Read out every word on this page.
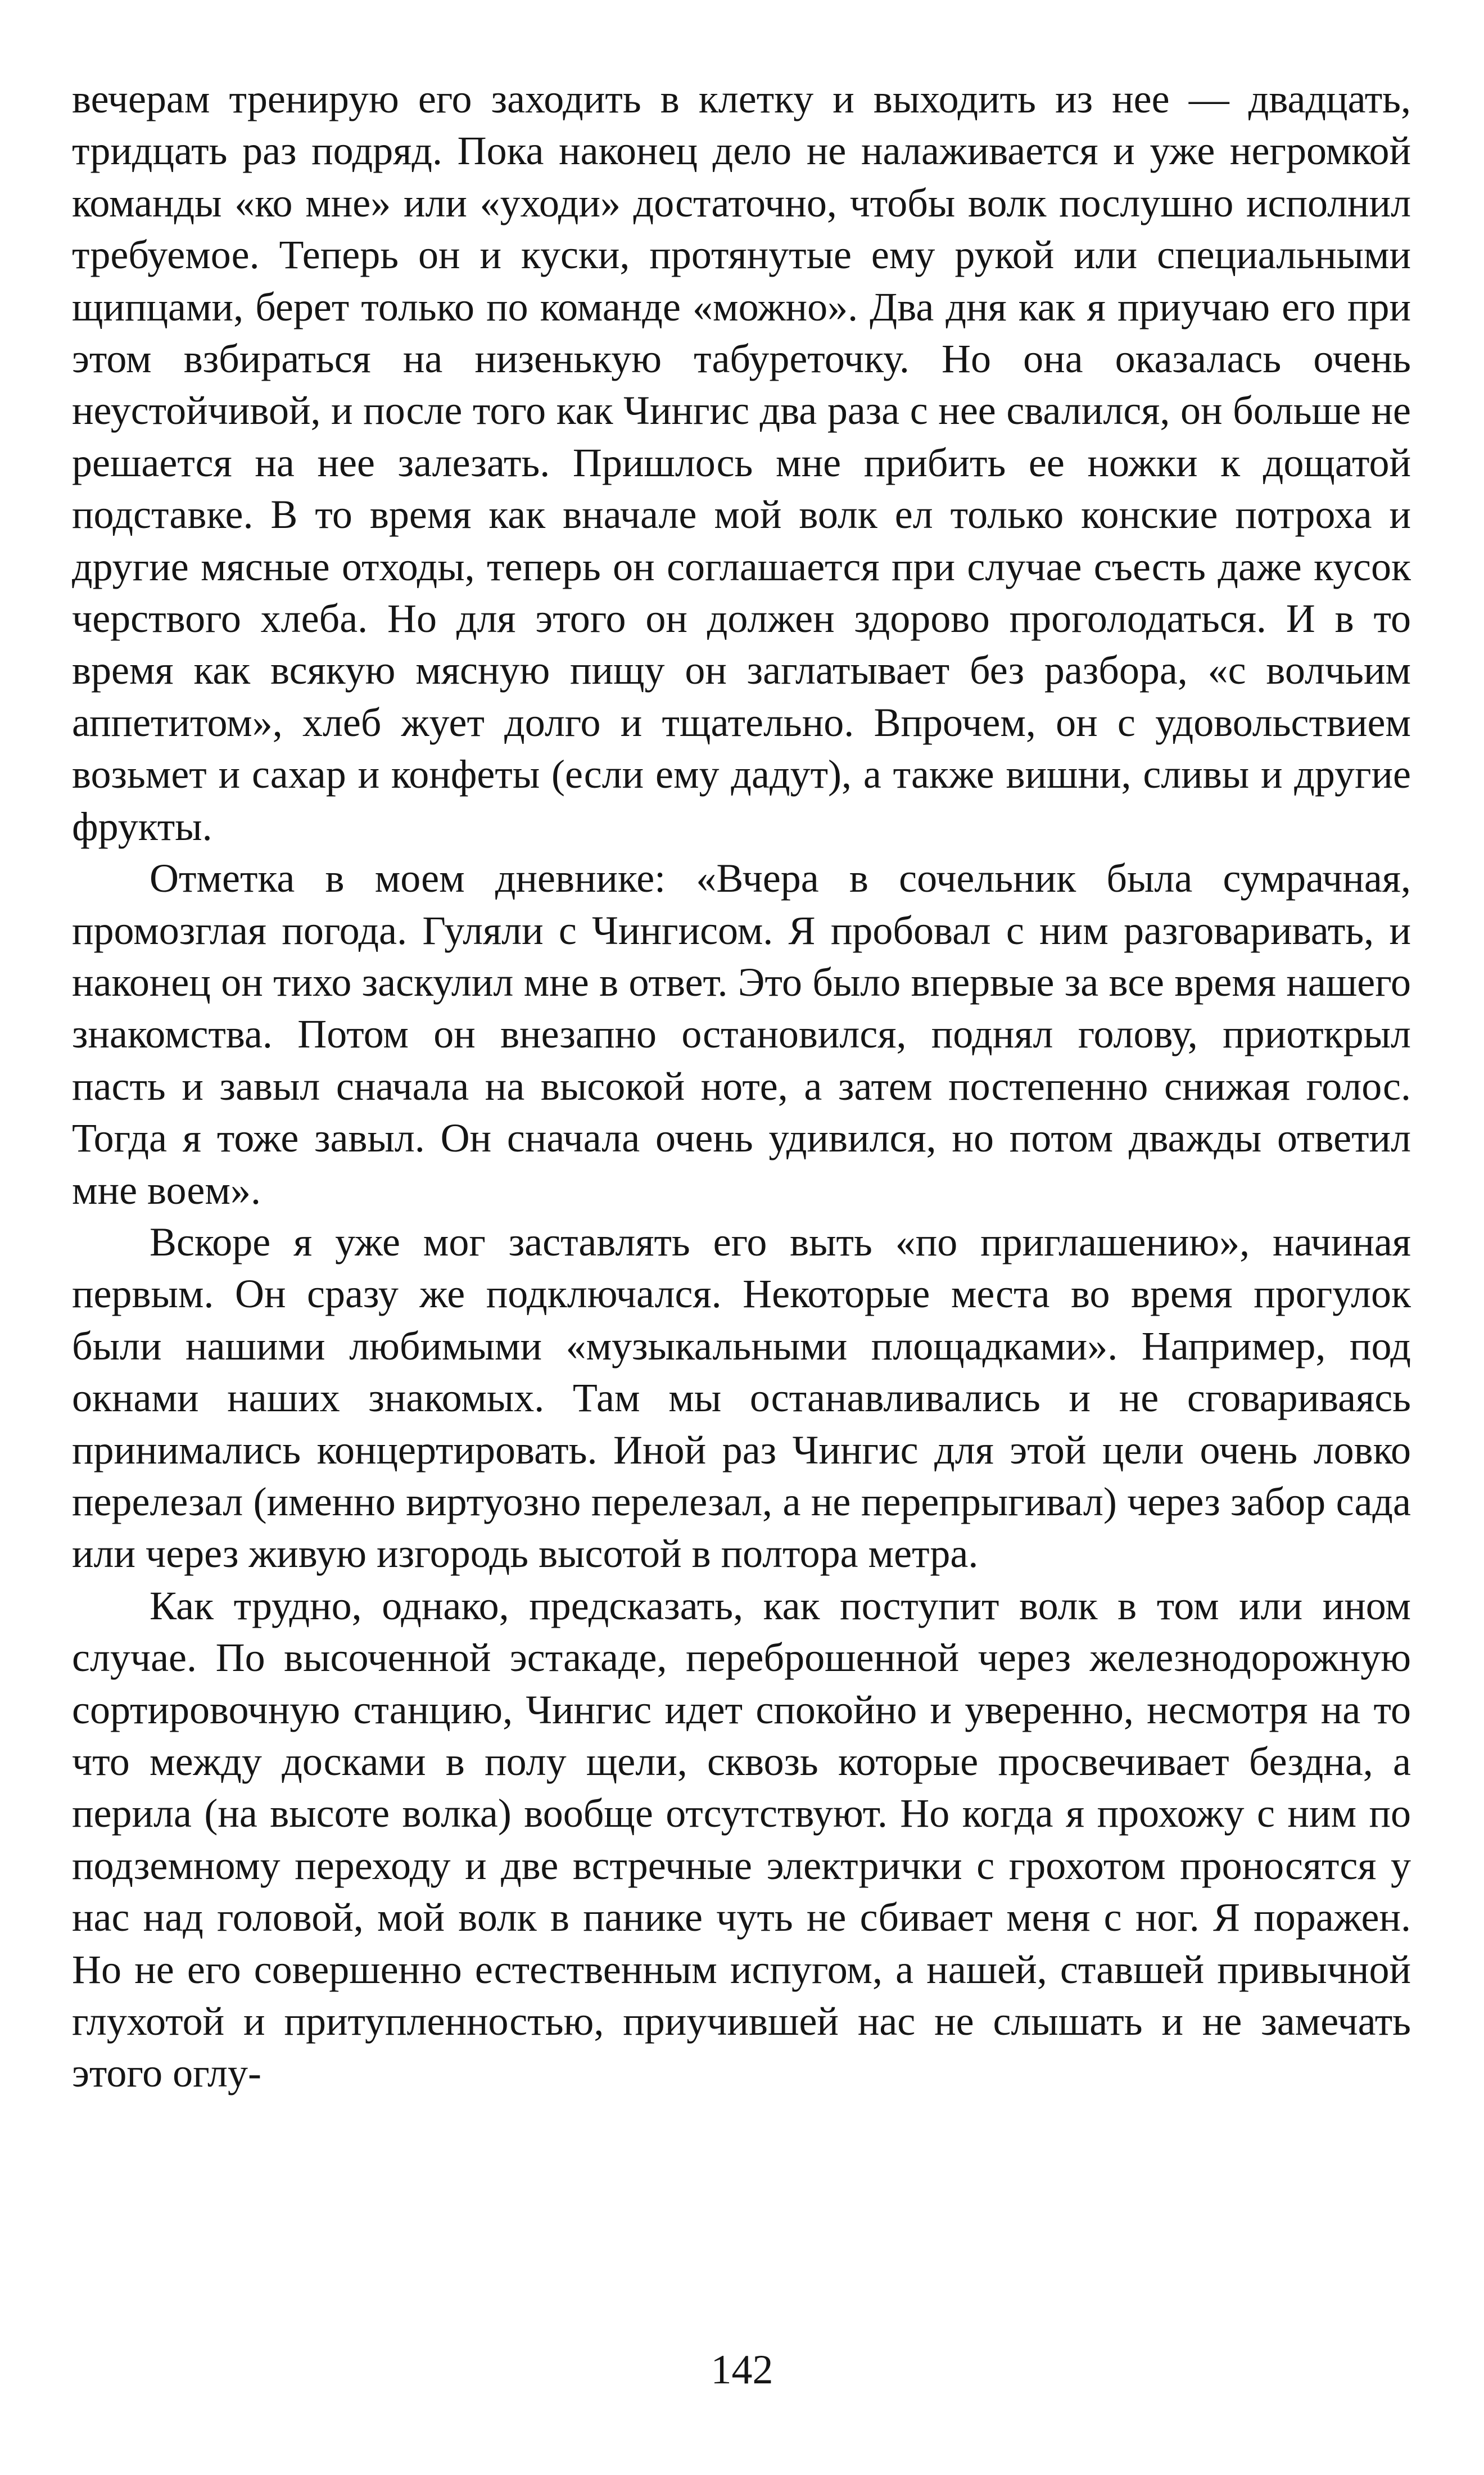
вечерам тренирую его заходить в клетку и выходить из нее — двадцать, тридцать раз подряд. Пока наконец дело не налаживается и уже негромкой команды «ко мне» или «уходи» достаточно, чтобы волк послушно исполнил требуемое. Теперь он и куски, протянутые ему рукой или специальными щипцами, берет только по команде «можно». Два дня как я приучаю его при этом взбираться на низенькую табуреточку. Но она оказалась очень неустойчивой, и после того как Чингис два раза с нее свалился, он больше не решается на нее залезать. Пришлось мне прибить ее ножки к дощатой подставке. В то время как вначале мой волк ел только конские потроха и другие мясные отходы, теперь он соглашается при случае съесть даже кусок черствого хлеба. Но для этого он должен здорово проголодаться. И в то время как всякую мясную пищу он заглатывает без разбора, «с волчьим аппетитом», хлеб жует долго и тщательно. Впрочем, он с удовольствием возьмет и сахар и конфеты (если ему дадут), а также вишни, сливы и другие фрукты.

Отметка в моем дневнике: «Вчера в сочельник была сумрачная, промозглая погода. Гуляли с Чингисом. Я пробовал с ним разговаривать, и наконец он тихо заскулил мне в ответ. Это было впервые за все время нашего знакомства. Потом он внезапно остановился, поднял голову, приоткрыл пасть и завыл сначала на высокой ноте, а затем постепенно снижая голос. Тогда я тоже завыл. Он сначала очень удивился, но потом дважды ответил мне воем».

Вскоре я уже мог заставлять его выть «по приглашению», начиная первым. Он сразу же подключался. Некоторые места во время прогулок были нашими любимыми «музыкальными площадками». Например, под окнами наших знакомых. Там мы останавливались и не сговариваясь принимались концертировать. Иной раз Чингис для этой цели очень ловко перелезал (именно виртуозно перелезал, а не перепрыгивал) через забор сада или через живую изгородь высотой в полтора метра.

Как трудно, однако, предсказать, как поступит волк в том или ином случае. По высоченной эстакаде, переброшенной через железнодорожную сортировочную станцию, Чингис идет спокойно и уверенно, несмотря на то что между досками в полу щели, сквозь которые просвечивает бездна, а перила (на высоте волка) вообще отсутствуют. Но когда я прохожу с ним по подземному переходу и две встречные электрички с грохотом проносятся у нас над головой, мой волк в панике чуть не сбивает меня с ног. Я поражен. Но не его совершенно естественным испугом, а нашей, ставшей привычной глухотой и притупленностью, приучившей нас не слышать и не замечать этого оглу-

142
